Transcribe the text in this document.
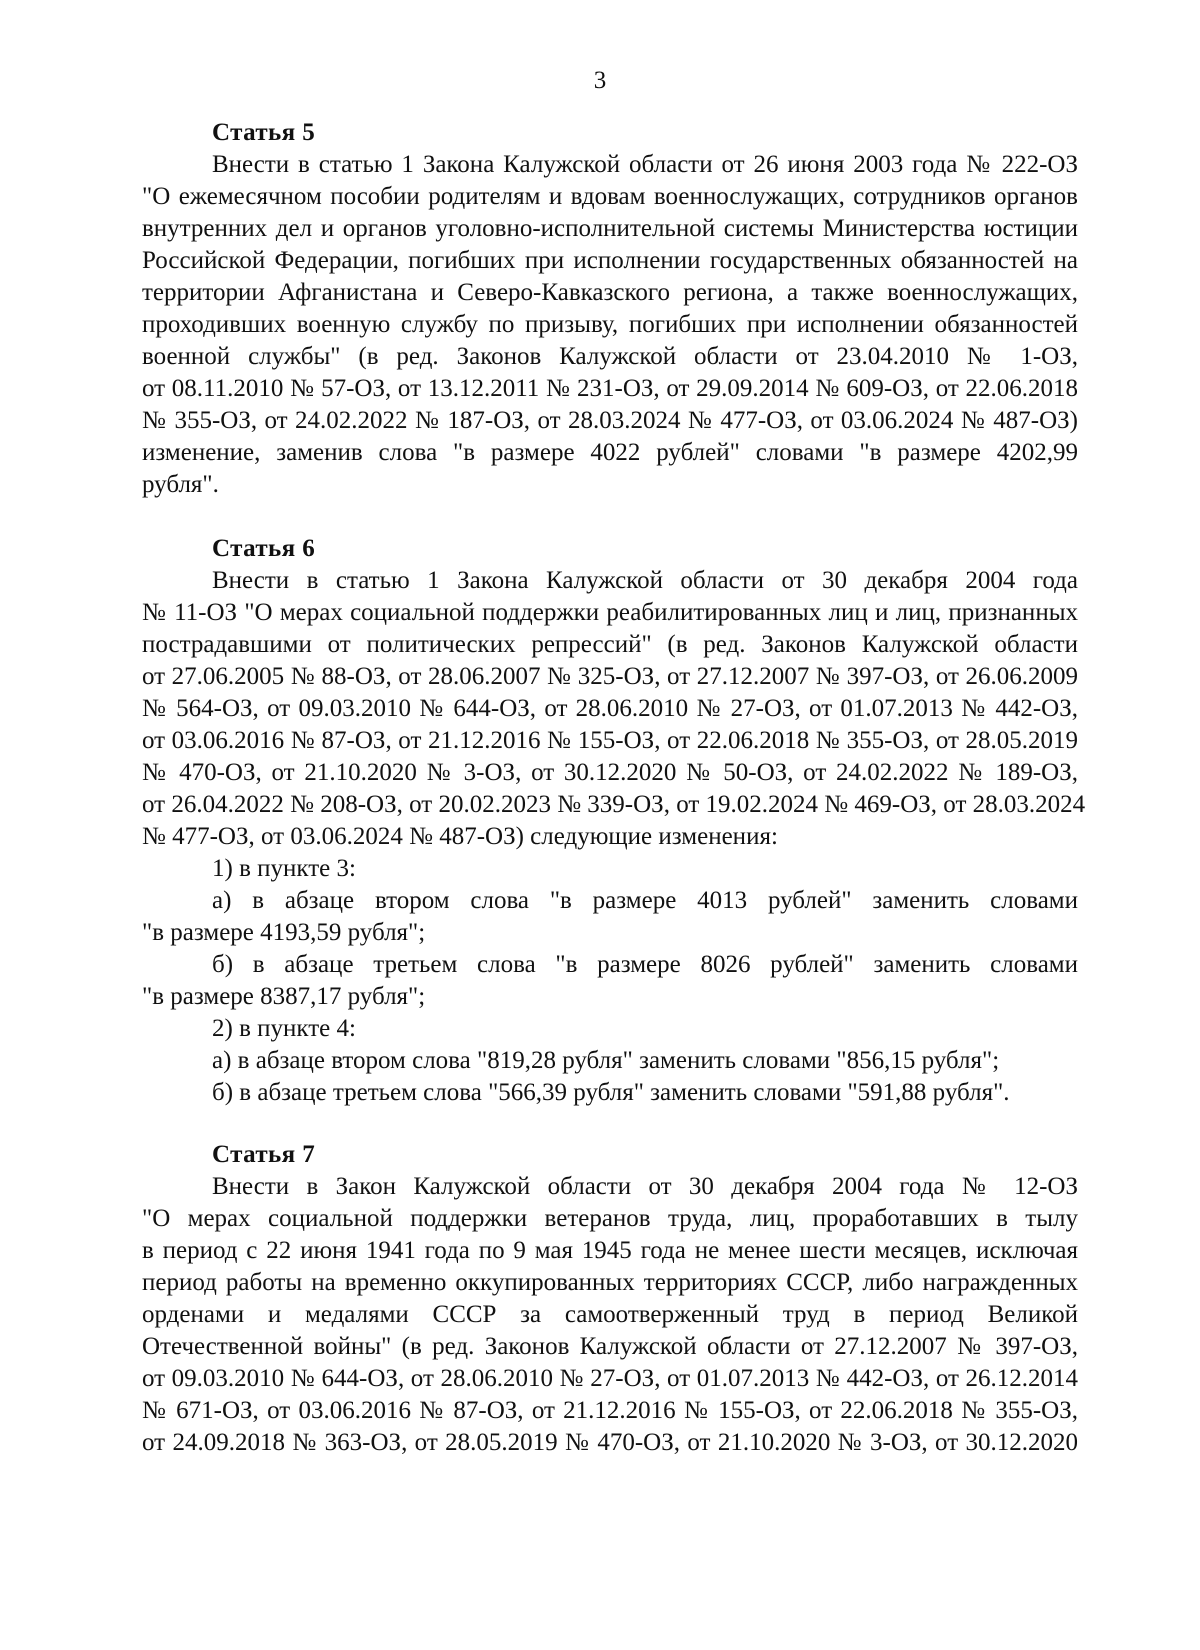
3
Статья 5
Внести в статью 1 Закона Калужской области от 26 июня 2003 года № 222-ОЗ
"О ежемесячном пособии родителям и вдовам военнослужащих, сотрудников органов
внутренних дел и органов уголовно-исполнительной системы Министерства юстиции
Российской Федерации, погибших при исполнении государственных обязанностей на
территории Афганистана и Северо-Кавказского региона, а также военнослужащих,
проходивших военную службу по призыву, погибших при исполнении обязанностей
военной службы" (в ред. Законов Калужской области от 23.04.2010 № 1-ОЗ,
от 08.11.2010 № 57-ОЗ, от 13.12.2011 № 231-ОЗ, от 29.09.2014 № 609-ОЗ, от 22.06.2018
№ 355-ОЗ, от 24.02.2022 № 187-ОЗ, от 28.03.2024 № 477-ОЗ, от 03.06.2024 № 487-ОЗ)
изменение, заменив слова "в размере 4022 рублей" словами "в размере 4202,99
рубля".
Статья 6
Внести в статью 1 Закона Калужской области от 30 декабря 2004 года
№ 11-ОЗ "О мерах социальной поддержки реабилитированных лиц и лиц, признанных
пострадавшими от политических репрессий" (в ред. Законов Калужской области
от 27.06.2005 № 88-ОЗ, от 28.06.2007 № 325-ОЗ, от 27.12.2007 № 397-ОЗ, от 26.06.2009
№ 564-ОЗ, от 09.03.2010 № 644-ОЗ, от 28.06.2010 № 27-ОЗ, от 01.07.2013 № 442-ОЗ,
от 03.06.2016 № 87-ОЗ, от 21.12.2016 № 155-ОЗ, от 22.06.2018 № 355-ОЗ, от 28.05.2019
№ 470-ОЗ, от 21.10.2020 № 3-ОЗ, от 30.12.2020 № 50-ОЗ, от 24.02.2022 № 189-ОЗ,
от 26.04.2022 № 208-ОЗ, от 20.02.2023 № 339-ОЗ, от 19.02.2024 № 469-ОЗ, от 28.03.2024
№ 477-ОЗ, от 03.06.2024 № 487-ОЗ) следующие изменения:
1) в пункте 3:
а) в абзаце втором слова "в размере 4013 рублей" заменить словами
"в размере 4193,59 рубля";
б) в абзаце третьем слова "в размере 8026 рублей" заменить словами
"в размере 8387,17 рубля";
2) в пункте 4:
а) в абзаце втором слова "819,28 рубля" заменить словами "856,15 рубля";
б) в абзаце третьем слова "566,39 рубля" заменить словами "591,88 рубля".
Статья 7
Внести в Закон Калужской области от 30 декабря 2004 года № 12-ОЗ
"О мерах социальной поддержки ветеранов труда, лиц, проработавших в тылу
в период с 22 июня 1941 года по 9 мая 1945 года не менее шести месяцев, исключая
период работы на временно оккупированных территориях СССР, либо награжденных
орденами и медалями СССР за самоотверженный труд в период Великой
Отечественной войны" (в ред. Законов Калужской области от 27.12.2007 № 397-ОЗ,
от 09.03.2010 № 644-ОЗ, от 28.06.2010 № 27-ОЗ, от 01.07.2013 № 442-ОЗ, от 26.12.2014
№ 671-ОЗ, от 03.06.2016 № 87-ОЗ, от 21.12.2016 № 155-ОЗ, от 22.06.2018 № 355-ОЗ,
от 24.09.2018 № 363-ОЗ, от 28.05.2019 № 470-ОЗ, от 21.10.2020 № 3-ОЗ, от 30.12.2020
